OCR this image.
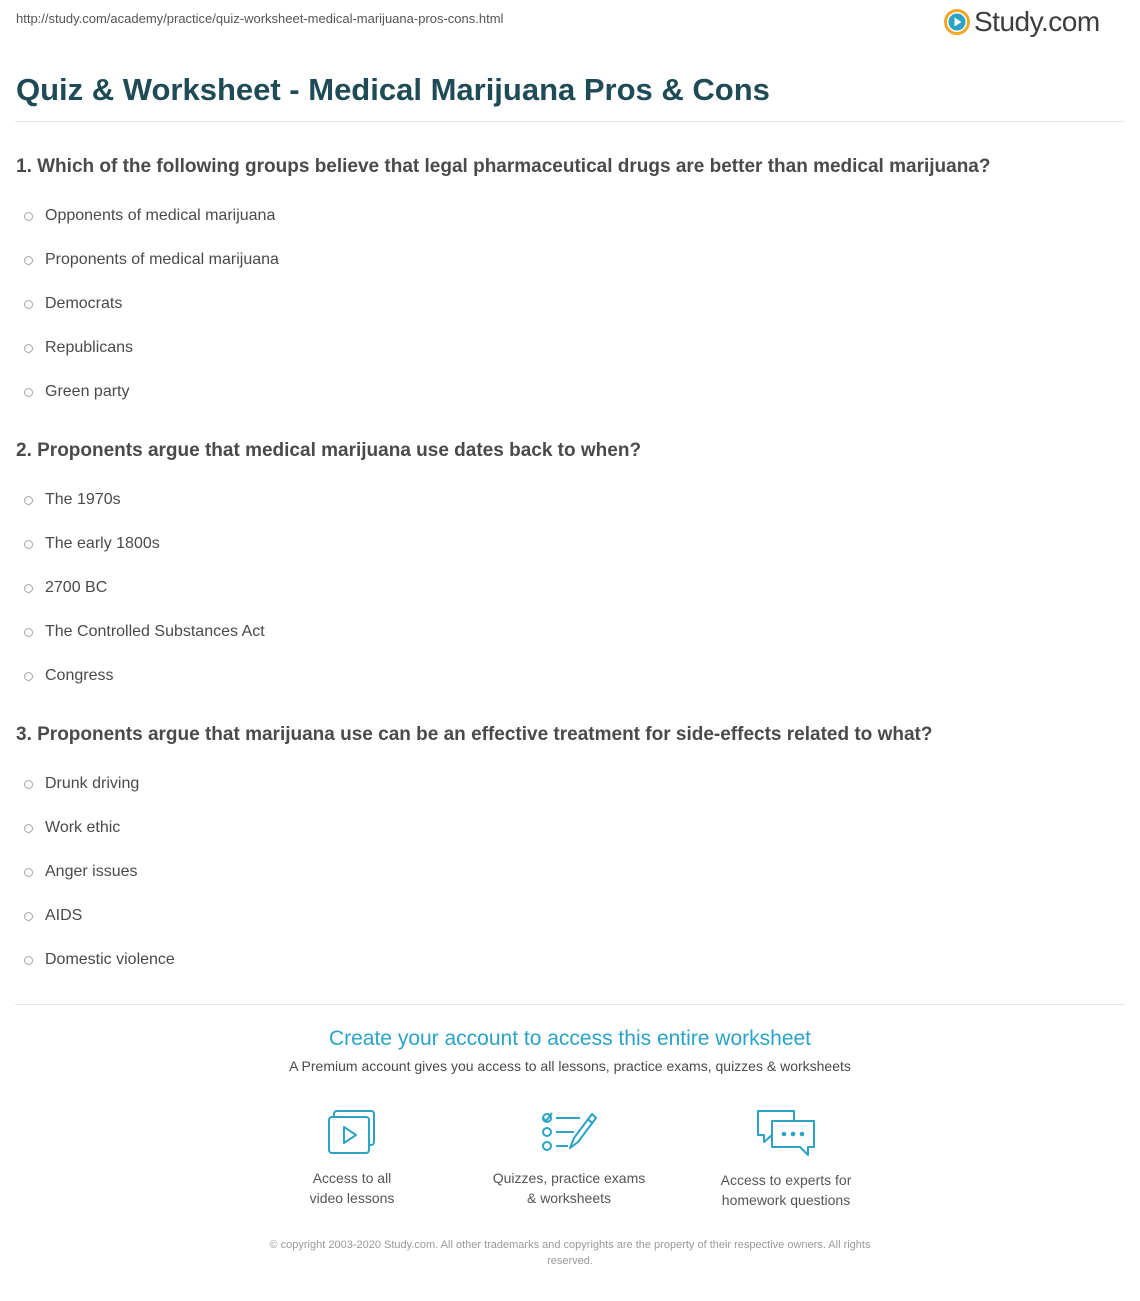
http://study.com/academy/practice/quiz-worksheet-medical-marijuana-pros-cons.html	Study.com
Quiz & Worksheet - Medical Marijuana Pros & Cons

1. Which of the following groups believe that legal pharmaceutical drugs are better than medical marijuana?

Opponents of medical marijuana
Proponents of medical marijuana
Democrats
Republicans
Green party

2. Proponents argue that medical marijuana use dates back to when?

The 1970s
The early 1800s
2700 BC
The Controlled Substances Act
Congress

3. Proponents argue that marijuana use can be an effective treatment for side-effects related to what?

Drunk driving
Work ethic
Anger issues
AIDS
Domestic violence
Create your account to access this entire worksheet

A Premium account gives you access to all lessons, practice exams, quizzes & worksheets

Access to all
video lessons
Quizzes, practice exams
& worksheets
Access to experts for
homework questions
© copyright 2003-2020 Study.com. All other trademarks and copyrights are the property of their respective owners. All rights
reserved.
